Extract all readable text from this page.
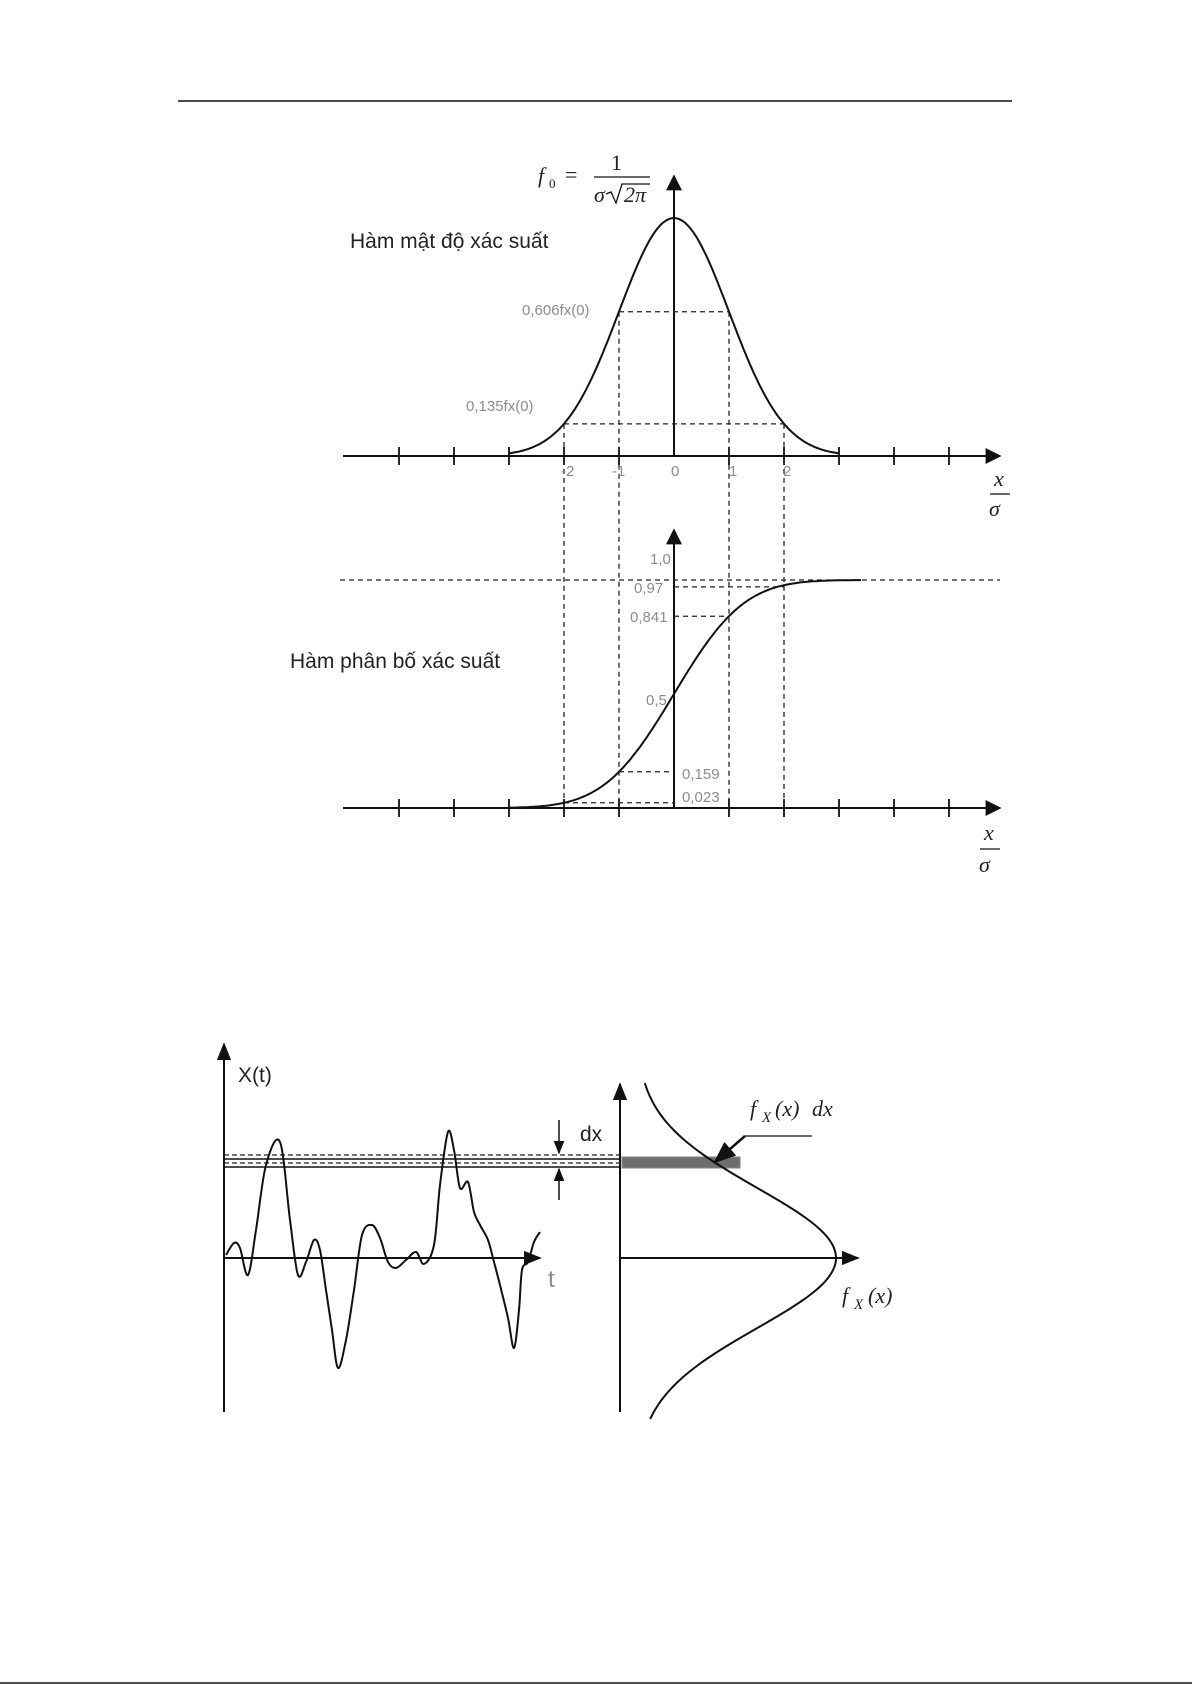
f 0 = 1
σ 2π
Hàm mật độ xác suất
Hàm phân bố xác suất
0,606fx(0)
0,135fx(0)
-2	-1	0	1	2	x
σ
x
σ
1,0
0,97
0,841
0,5
0,159
0,023
X(t)
t
dx
f X (x) dx
f X (x)
